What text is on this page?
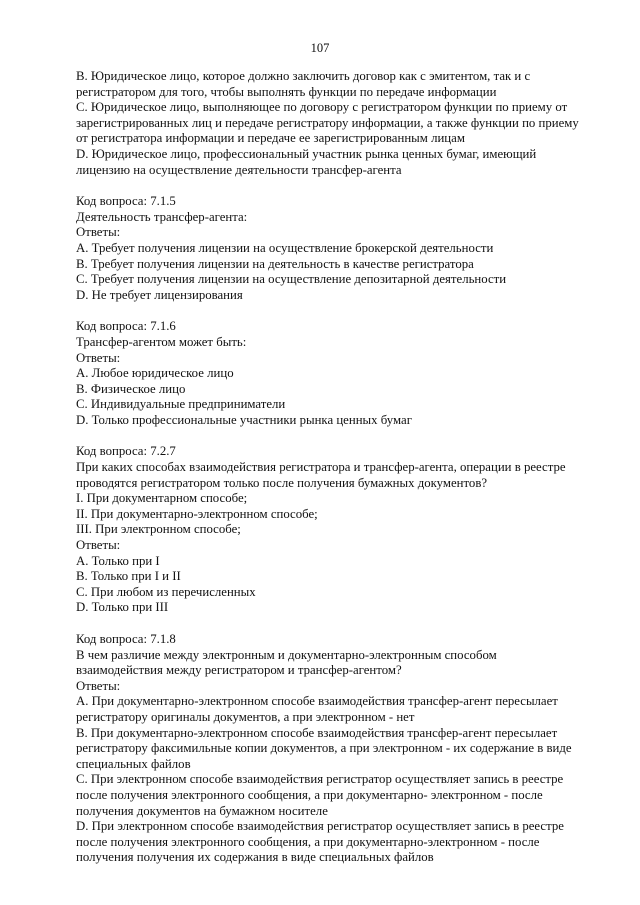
107
B. Юридическое лицо, которое должно заключить договор как с эмитентом, так и с
регистратором для того, чтобы выполнять функции по передаче информации
C. Юридическое лицо, выполняющее по договору с регистратором функции по приему от
зарегистрированных лиц и передаче регистратору информации, а также функции по приему
от регистратора информации и передаче ее зарегистрированным лицам
D. Юридическое лицо, профессиональный участник рынка ценных бумаг, имеющий
лицензию на осуществление деятельности трансфер-агента
Код вопроса: 7.1.5
Деятельность трансфер-агента:
Ответы:
A. Требует получения лицензии на осуществление брокерской деятельности
B. Требует получения лицензии на деятельность в качестве регистратора
C. Требует получения лицензии на осуществление депозитарной деятельности
D. Не требует лицензирования
Код вопроса: 7.1.6
Трансфер-агентом может быть:
Ответы:
A. Любое юридическое лицо
B. Физическое лицо
C. Индивидуальные предприниматели
D. Только профессиональные участники рынка ценных бумаг
Код вопроса: 7.2.7
При каких способах взаимодействия регистратора и трансфер-агента, операции в реестре
проводятся регистратором только после получения бумажных документов?
I. При документарном способе;
II. При документарно-электронном способе;
III. При электронном способе;
Ответы:
A. Только при I
B. Только при I и II
C. При любом из перечисленных
D. Только при III
Код вопроса: 7.1.8
В чем различие между электронным и документарно-электронным способом
взаимодействия между регистратором и трансфер-агентом?
Ответы:
A. При документарно-электронном способе взаимодействия трансфер-агент пересылает
регистратору оригиналы документов, а при электронном - нет
B. При документарно-электронном способе взаимодействия трансфер-агент пересылает
регистратору факсимильные копии документов, а при электронном - их содержание в виде
специальных файлов
C. При электронном способе взаимодействия регистратор осуществляет запись в реестре
после получения электронного сообщения, а при документарно- электронном - после
получения документов на бумажном носителе
D. При электронном способе взаимодействия регистратор осуществляет запись в реестре
после получения электронного сообщения, а при документарно-электронном - после
получения получения их содержания в виде специальных файлов
